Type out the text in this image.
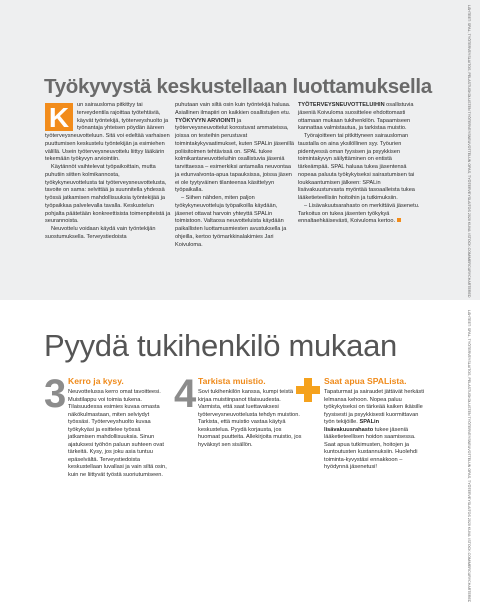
Työkyvystä keskustellaan luottamuksella

K	un sairausloma pitkittyy tai terveydentila rajoittaa työtehtäviä, käyvät työntekijä, työterveyshuolto ja työnantaja yhteisen pöydän ääreen työterveysneuvotteluun. Sitä voi edeltää varhaisen puuttumisen keskustelu työntekijän ja esimiehen välillä. Usein työterveysneuvottelu liittyy lääkärin tekemään työkyvyn arviointiin.

Käytännöt vaihtelevat työpaikoittain, mutta puhutiin siitten kolmikannosta, työkykyneuvottelusta tai työterveysneuvottelusta, tavoite on sama: selvittää ja suunnitella yhdessä työssä jatkamisen mahdollisuuksia työntekijää ja työpaikkaa palvelevalla tavalla. Keskustelun pohjalta päätetään konkreettisista toimenpiteistä ja seurannoista.

Neuvottelu voidaan käydä vain työntekijän suostumuksella. Terveystiedoista

puhutaan vain siltä osin kuin työntekijä haluaa. Asiallinen ilmapiiri on kaikkien osallistujien etu.

TYÖKYVYN ARVIOINTI ja työterveysneuvottelut korostuvat ammateissa, joissa on testeihin perustuvat toimintakykyvaatimukset, kuten SPALin jäsenillä poliisitoimen tehtävissä on. SPAL tukee kolmikantaneuvotteluihin osallistuvia jäseniä tarvittaessa – esimerkiksi antamalla neuvontaa ja edunvalvonta-apua tapauksissa, joissa jäsen ei ole tyytyväinen tilanteensa käsittelyyn työpaikalla.

– Siihen nähden, miten paljon työkykyneuvotteluja työpaikoilla käydään, jäsenet ottavat harvoin yhteyttä SPALin toimistoon. Valtaosa neuvotteluista käydään paikallisten luottamusmiesten avustuksella ja ohjeilla, kertoo työmarkkinalakimies Jari Koivuloma.

TYÖTERVEYSNEUVOTTELUIHIN osallistuvia jäseniä Koivuloma suosittelee ehdottomasti ottamaan mukaan tukihenkilön. Tapaamiseen kannattaa valmistautua, ja tarkistaa muistio.

Työrajoitteen tai pitkittyneen sairausloman taustalla on aina yksilöllinen syy. Työurien pidentyessä oman fyysisen ja psyykkisen toimintakyvyn säilyttäminen on entistä tärkeämpää. SPAL haluaa tukea jäsentensä nopeaa paluuta työkykyiseksi sairastumisen tai loukkaantumisen jälkeen: SPALin lisävakuusturvasta myöntää tasoaalleista tukea lääketieteellisiin hoitoihin ja tutkimuksiin.

– Lisävakuutsarahasto on merkittävä jäsenetu. Tarkoitus on tukea jäsenten työkykyä ennaltaehkäisevästi, Koivuloma kertoo.	LÄHTEET: SPAL, TYÖTERVEYSLAITOS, PELASTUSKOLUSTEN TYÖTERVEYSNEUVOTTELUN OPAS, TYÖTERVEYSLAITOS 2020 KUVA: ISTOCK.COM/MERCURYCHARTERED
Pyydä tukihenkilö mukaan
3 Kerro ja kysy.
Neuvottelussa kerro omat tavoitteesi. Muistilappu voi toimia tukena. Tilaisuudessa esimies kuvaa omasta näkökulmastaan, miten selviydyt työssäsi. Työterveyshuolto kuvaa työkykyäsi ja esittelee työssä jatkamisen mahdollisuuksia. Sinun ajatuksesi työhön paluun suhteen ovat tärkeitä. Kysy, jos joku asia tuntuu epäselvältä. Terveystiedoista keskustellaan luvallasi ja vain siltä osin, kuin ne liittyvät työstä suoriutumiseen.
4 Tarkista muistio.
Sovi tukihenkilön kanssa, kumpi teistä kirjaa muistiinpanot tilaisuudesta. Varmista, että saat luettavaksesi työterveysneuvottelusta tehdyn muistion. Tarkista, että muistio vastaa käytyä keskustelua. Pyydä korjausta, jos huomaat puutteita. Allekirjoita muistio, jos hyväksyt sen sisällön.
Saat apua SPALista.
Tapaturmat ja sairaudet jättävät herkästi lelmansa kehoon. Nopea paluu työkykyiseksi on tärkeää kaiken ikäisille fyysisesti ja psyykkisesti kuormittavan työn tekijöille. SPALin lisävakuusrahasto tukee jäseniä lääketieteellisen hoidon saamisessa. Saat apua tutkimusten, hoitojen ja kuntoutusten kustannuksiin. Huolehdi toiminta-kyvystäsi ennakkoon – hyödynnä jäsenetusi!	LÄHTEET: SPAL, TYÖTERVEYSLAITOS, PELASTUSKOLUSTEN TYÖTERVEYSNEUVOTTELUN OPAS, TYÖTERVEYSLAITOS 2020 KUVA: ISTOCK.COM/MERCURYCHARTERED
